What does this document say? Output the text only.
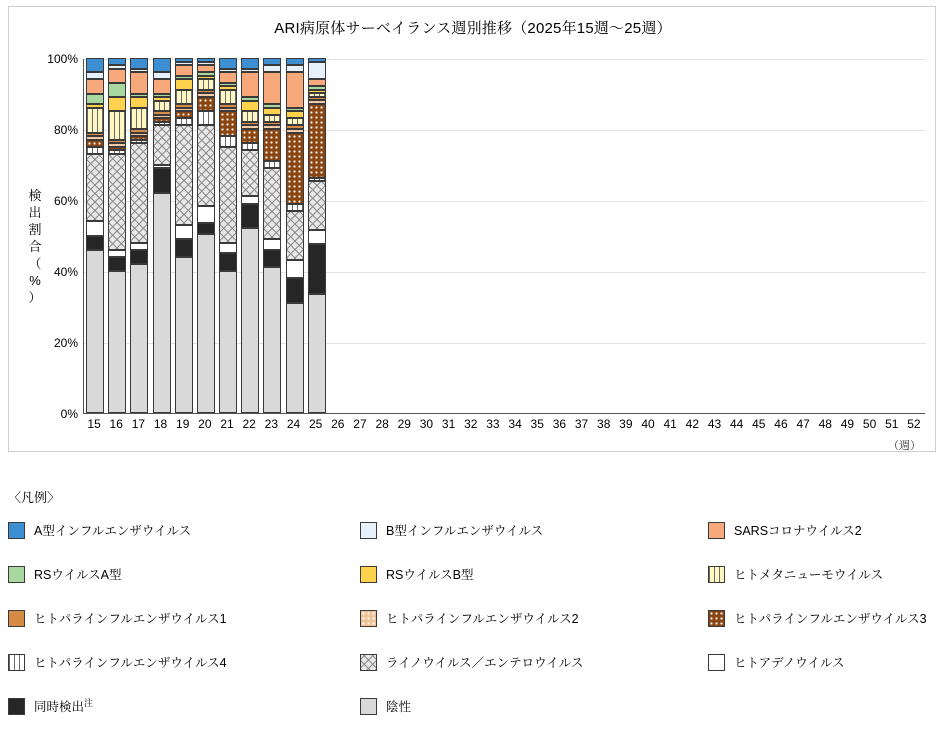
ARI病原体サーベイランス週別推移（2025年15週〜25週）
検
出
割
合
（
%
）
0%
20%
40%
60%
80%
100%
15 16 17 18 19 20 21 22 23 24 25 26 27 28 29 30 31 32 33 34 35 36 37 38 39 40 41 42 43 44 45 46 47 48 49 50 51 52
（週）
〈凡例〉
A型インフルエンザウイルス	B型インフルエンザウイルス	SARSコロナウイルス2
RSウイルスA型	RSウイルスB型	ヒトメタニューモウイルス
ヒトパラインフルエンザウイルス1	ヒトパラインフルエンザウイルス2	ヒトパラインフルエンザウイルス3
ヒトパラインフルエンザウイルス4	ライノウイルス／エンテロウイルス	ヒトアデノウイルス
同時検出$^注$	陰性
